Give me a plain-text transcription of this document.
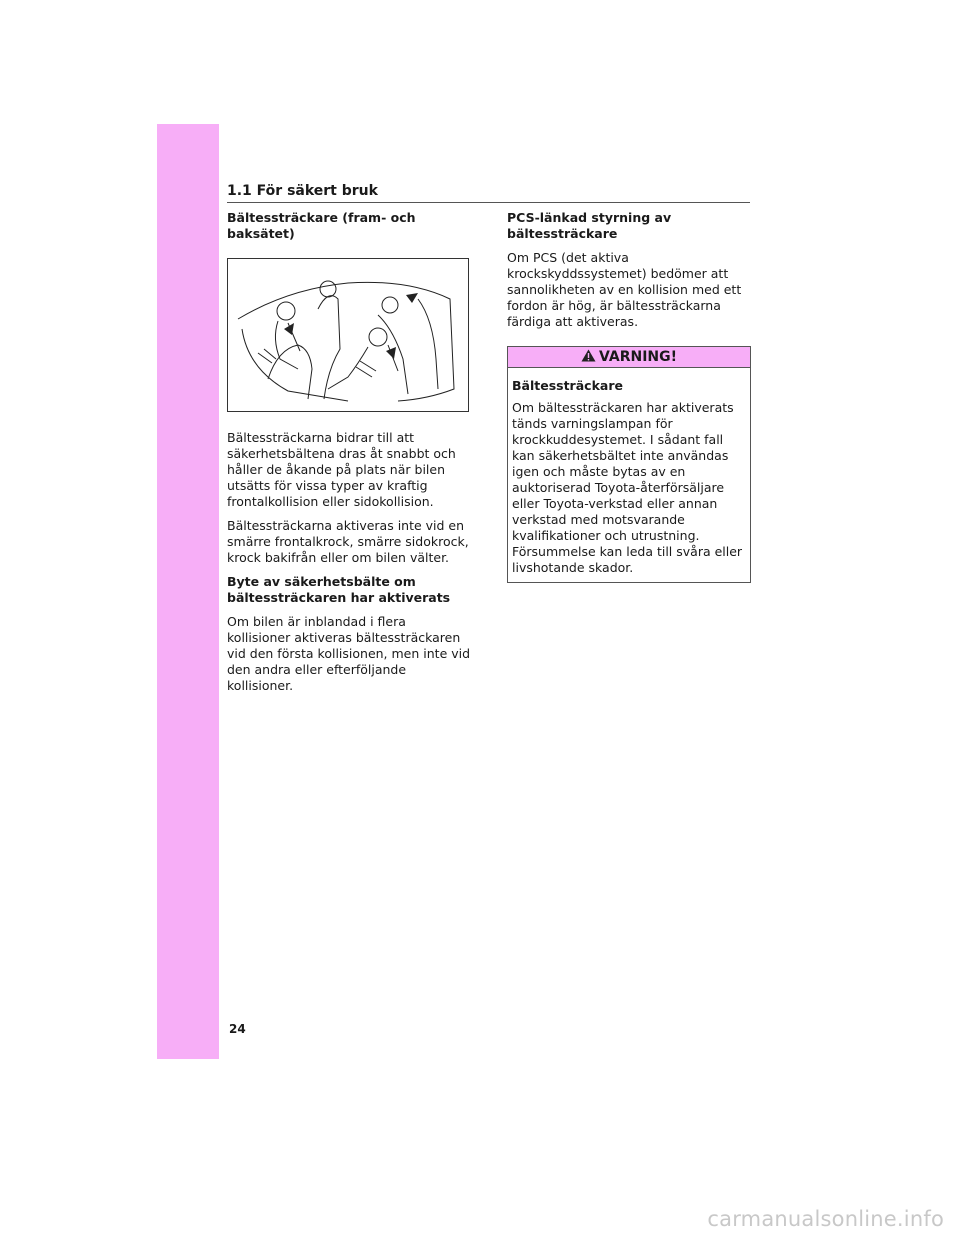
1.1 För säkert bruk
Bältessträckare (fram- och baksätet)

Bältessträckarna bidrar till att säkerhetsbältena dras åt snabbt och håller de åkande på plats när bilen utsätts för vissa typer av kraftig frontalkollision eller sidokollision.

Bältessträckarna aktiveras inte vid en smärre frontalkrock, smärre sidokrock, krock bakifrån eller om bilen välter.

Byte av säkerhetsbälte om bältessträckaren har aktiverats

Om bilen är inblandad i flera kollisioner aktiveras bältessträckaren vid den första kollisionen, men inte vid den andra eller efterföljande kollisioner.

PCS-länkad styrning av bältessträckare

Om PCS (det aktiva krockskyddssystemet) bedömer att sannolikheten av en kollision med ett fordon är hög, är bältessträckarna färdiga att aktiveras.

VARNING!
Bältessträckare

Om bältessträckaren har aktiverats tänds varningslampan för krockkuddesystemet. I sådant fall kan säkerhetsbältet inte användas igen och måste bytas av en auktoriserad Toyota-återförsäljare eller Toyota-verkstad eller annan verkstad med motsvarande kvalifikationer och utrustning. Försummelse kan leda till svåra eller livshotande skador.

24
carmanualsonline.info
